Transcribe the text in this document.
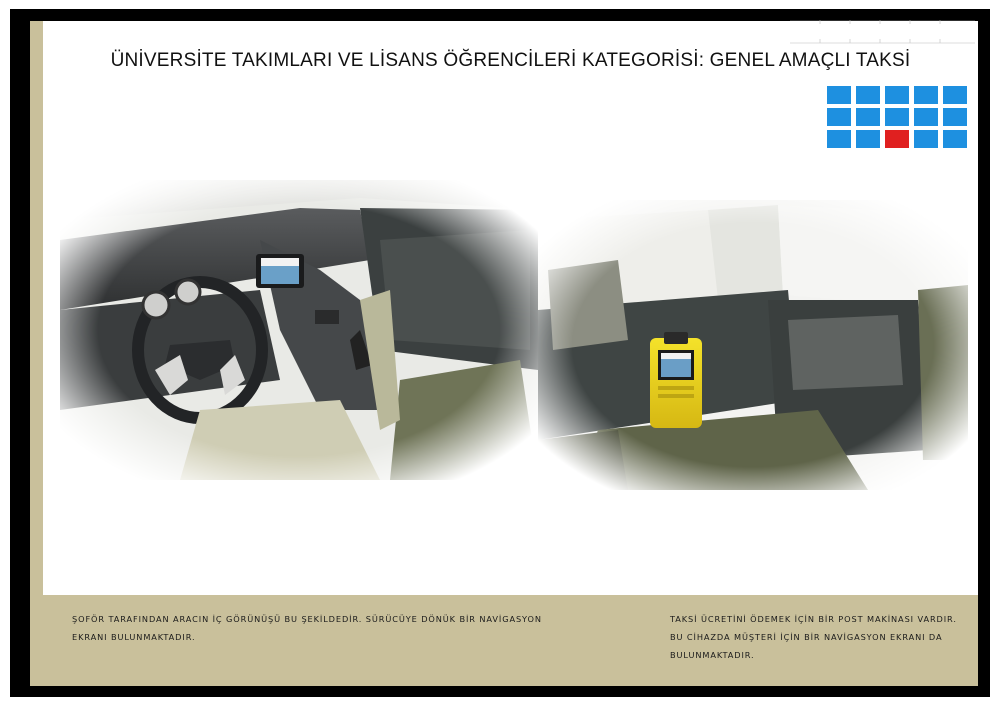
ÜNİVERSİTE TAKIMLARI VE LİSANS ÖĞRENCİLERİ KATEGORİSİ: GENEL AMAÇLI TAKSİ
ŞOFÖR TARAFINDAN ARACIN İÇ GÖRÜNÜŞÜ BU ŞEKİLDEDİR. SÜRÜCÜYE DÖNÜK BİR NAVİGASYON EKRANI BULUNMAKTADIR.
TAKSİ ÜCRETİNİ ÖDEMEK İÇİN BİR POST MAKİNASI VARDIR. BU CİHAZDA MÜŞTERİ İÇİN BİR NAVİGASYON EKRANI DA BULUNMAKTADIR.
